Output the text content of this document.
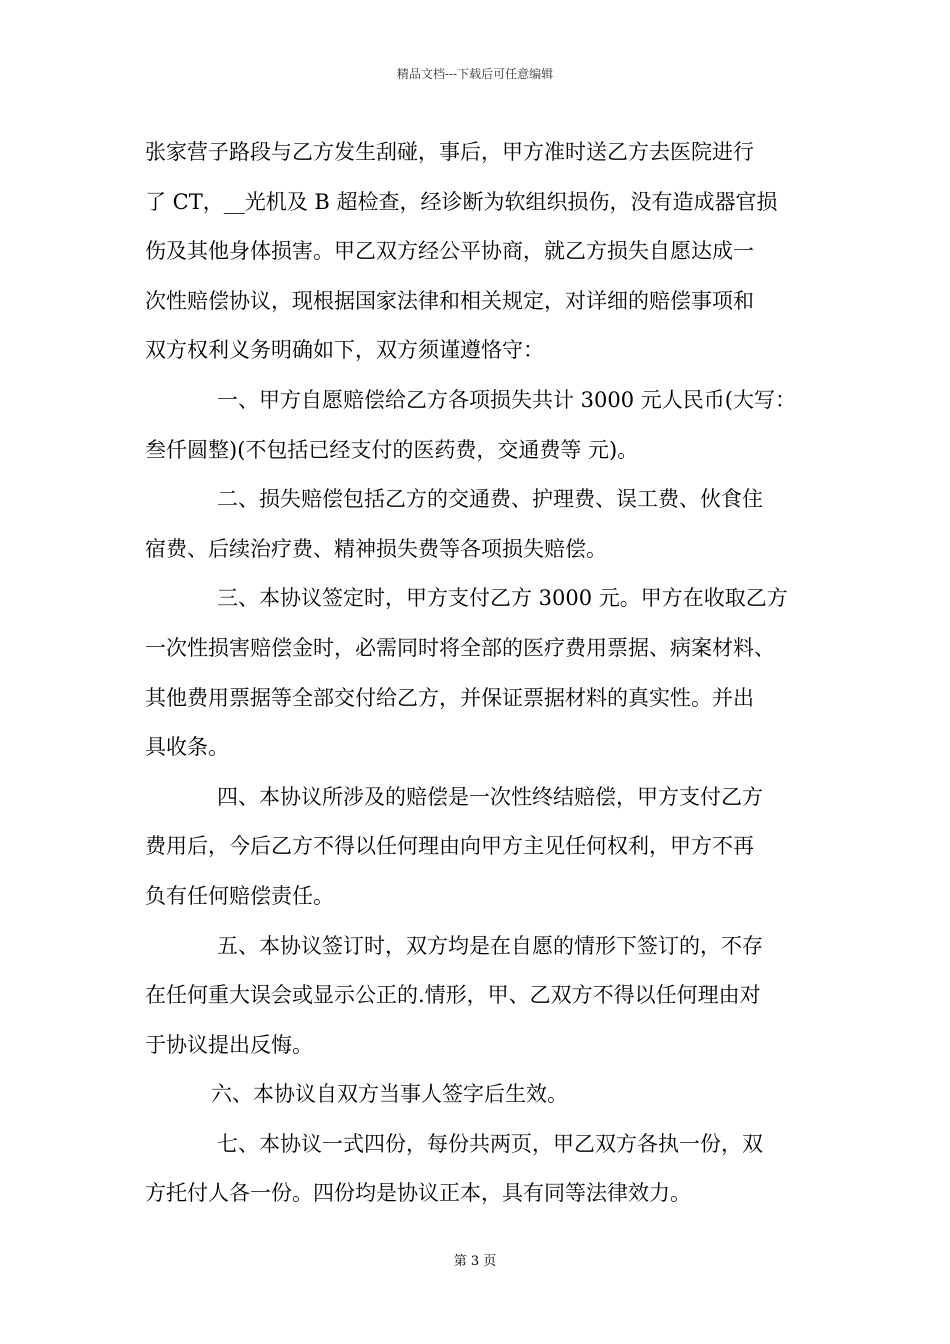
精品文档---下载后可任意编辑
张家营子路段与乙方发生刮碰，事后，甲方准时送乙方去医院进行
了 CT，__光机及 B 超检查，经诊断为软组织损伤，没有造成器官损
伤及其他身体损害。甲乙双方经公平协商，就乙方损失自愿达成一
次性赔偿协议，现根据国家法律和相关规定，对详细的赔偿事项和
双方权利义务明确如下，双方须谨遵恪守：
一、甲方自愿赔偿给乙方各项损失共计 3000 元人民币(大写：
叁仟圆整)(不包括已经支付的医药费，交通费等 元)。
二、损失赔偿包括乙方的交通费、护理费、误工费、伙食住
宿费、后续治疗费、精神损失费等各项损失赔偿。
三、本协议签定时，甲方支付乙方 3000 元。甲方在收取乙方
一次性损害赔偿金时，必需同时将全部的医疗费用票据、病案材料、
其他费用票据等全部交付给乙方，并保证票据材料的真实性。并出
具收条。
四、本协议所涉及的赔偿是一次性终结赔偿，甲方支付乙方
费用后，今后乙方不得以任何理由向甲方主见任何权利，甲方不再
负有任何赔偿责任。
五、本协议签订时，双方均是在自愿的情形下签订的，不存
在任何重大误会或显示公正的.情形，甲、乙双方不得以任何理由对
于协议提出反悔。
六、本协议自双方当事人签字后生效。
七、本协议一式四份，每份共两页，甲乙双方各执一份，双
方托付人各一份。四份均是协议正本，具有同等法律效力。
第 3 页
